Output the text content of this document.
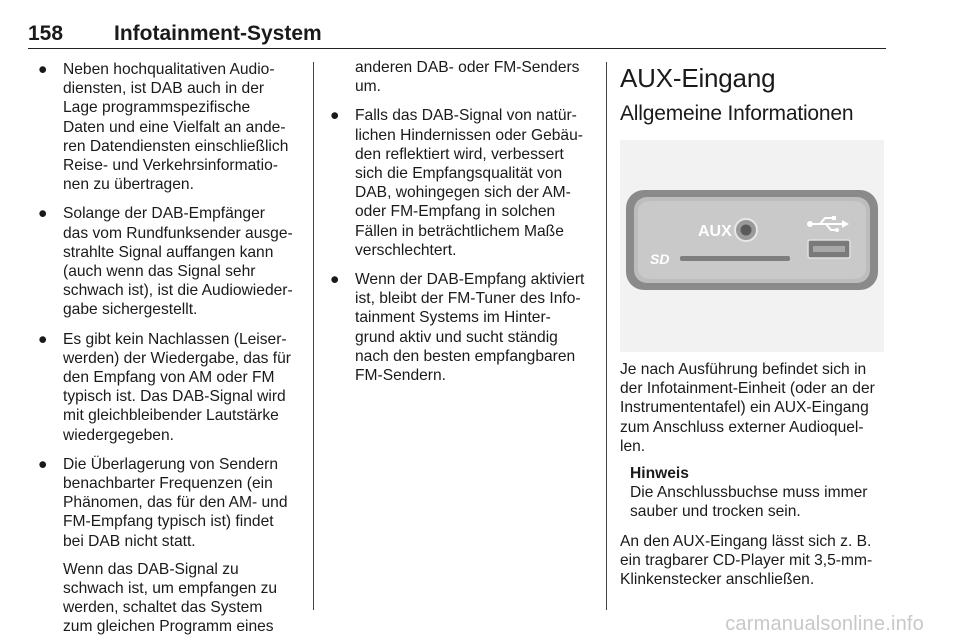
158 Infotainment-System
● Neben hochqualitativen Audio-
diensten, ist DAB auch in der
Lage programmspezifische
Daten und eine Vielfalt an ande-
ren Datendiensten einschließlich
Reise- und Verkehrsinformatio-
nen zu übertragen.
● Solange der DAB-Empfänger
das vom Rundfunksender ausge-
strahlte Signal auffangen kann
(auch wenn das Signal sehr
schwach ist), ist die Audiowieder-
gabe sichergestellt.
● Es gibt kein Nachlassen (Leiser-
werden) der Wiedergabe, das für
den Empfang von AM oder FM
typisch ist. Das DAB-Signal wird
mit gleichbleibender Lautstärke
wiedergegeben.
● Die Überlagerung von Sendern
benachbarter Frequenzen (ein
Phänomen, das für den AM- und
FM-Empfang typisch ist) findet
bei DAB nicht statt.
Wenn das DAB-Signal zu
schwach ist, um empfangen zu
werden, schaltet das System
zum gleichen Programm eines
anderen DAB- oder FM-Senders
um.
● Falls das DAB-Signal von natür-
lichen Hindernissen oder Gebäu-
den reflektiert wird, verbessert
sich die Empfangsqualität von
DAB, wohingegen sich der AM-
oder FM-Empfang in solchen
Fällen in beträchtlichem Maße
verschlechtert.
● Wenn der DAB-Empfang aktiviert
ist, bleibt der FM-Tuner des Info-
tainment Systems im Hinter-
grund aktiv und sucht ständig
nach den besten empfangbaren
FM-Sendern.
AUX-Eingang
Allgemeine Informationen
AUX
SD
Je nach Ausführung befindet sich in
der Infotainment-Einheit (oder an der
Instrumententafel) ein AUX-Eingang
zum Anschluss externer Audioquel-
len.
Hinweis
Die Anschlussbuchse muss immer
sauber und trocken sein.
An den AUX-Eingang lässt sich z. B.
ein tragbarer CD-Player mit 3,5-mm-
Klinkenstecker anschließen.
carmanualsonline.info
